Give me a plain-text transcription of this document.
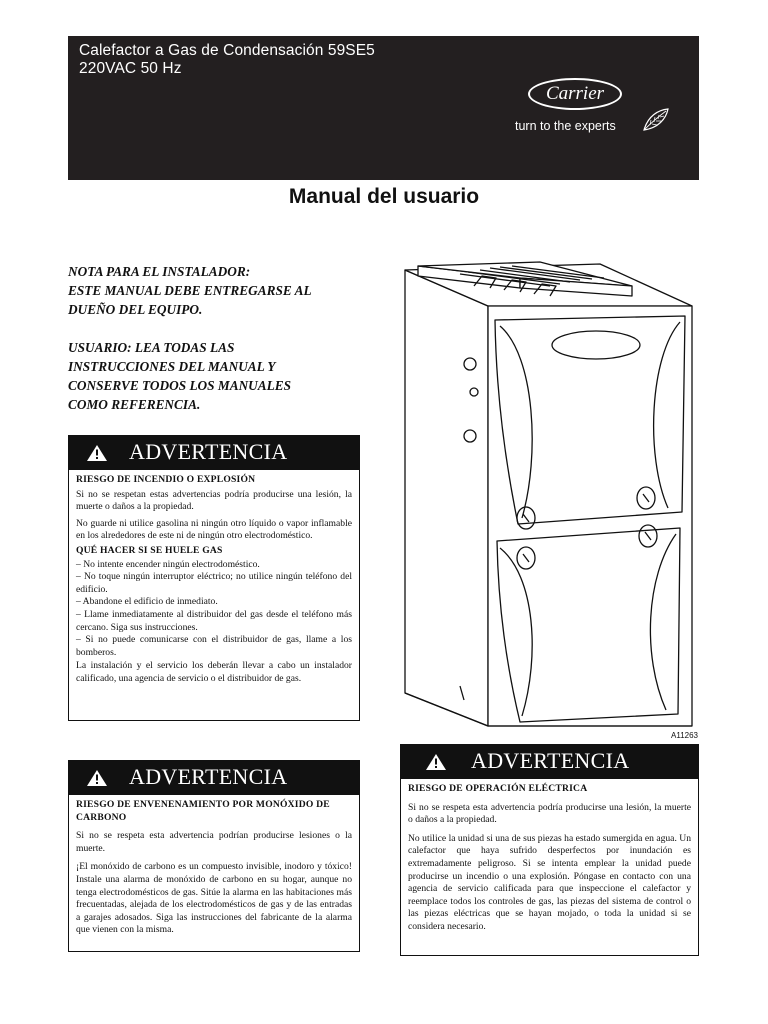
Calefactor a Gas de Condensación 59SE5
220VAC 50 Hz
Carrier
turn to the experts
Manual del usuario
NOTA PARA EL INSTALADOR:
ESTE MANUAL DEBE ENTREGARSE AL
DUEÑO DEL EQUIPO.
USUARIO: LEA TODAS LAS
INSTRUCCIONES DEL MANUAL Y
CONSERVE TODOS LOS MANUALES
COMO REFERENCIA.
ADVERTENCIA
RIESGO DE INCENDIO O EXPLOSIÓN
Si no se respetan estas advertencias podría producirse una lesión, la muerte o daños a la propiedad.
No guarde ni utilice gasolina ni ningún otro líquido o vapor inflamable en los alrededores de este ni de ningún otro electrodoméstico.
QUÉ HACER SI SE HUELE GAS
– No intente encender ningún electrodoméstico.
– No toque ningún interruptor eléctrico; no utilice ningún teléfono del edificio.
– Abandone el edificio de inmediato.
– Llame inmediatamente al distribuidor del gas desde el teléfono más cercano. Siga sus instrucciones.
– Si no puede comunicarse con el distribuidor de gas, llame a los bomberos.
La instalación y el servicio los deberán llevar a cabo un instalador calificado, una agencia de servicio o el distribuidor de gas.
ADVERTENCIA
RIESGO DE ENVENENAMIENTO POR MONÓXIDO DE CARBONO
Si no se respeta esta advertencia podrían producirse lesiones o la muerte.
¡El monóxido de carbono es un compuesto invisible, inodoro y tóxico! Instale una alarma de monóxido de carbono en su hogar, aunque no tenga electrodomésticos de gas. Sitúe la alarma en las habitaciones más frecuentadas, alejada de los electrodomésticos de gas y de las entradas a garajes adosados. Siga las instrucciones del fabricante de la alarma que vienen con la misma.
A11263
ADVERTENCIA
RIESGO DE OPERACIÓN ELÉCTRICA
Si no se respeta esta advertencia podría producirse una lesión, la muerte o daños a la propiedad.
No utilice la unidad si una de sus piezas ha estado sumergida en agua. Un calefactor que haya sufrido desperfectos por inundación es extremadamente peligroso. Si se intenta emplear la unidad puede producirse un incendio o una explosión. Póngase en contacto con una agencia de servicio calificada para que inspeccione el calefactor y reemplace todos los controles de gas, las piezas del sistema de control o las piezas eléctricas que se hayan mojado, o toda la unidad si se considera necesario.
